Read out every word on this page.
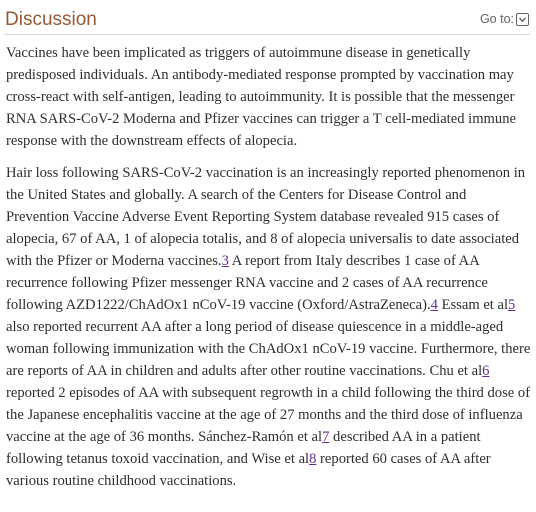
Discussion	Go to:

Vaccines have been implicated as triggers of autoimmune disease in genetically predisposed individuals. An antibody-mediated response prompted by vaccination may cross-react with self-antigen, leading to autoimmunity. It is possible that the messenger RNA SARS-CoV-2 Moderna and Pfizer vaccines can trigger a T cell-mediated immune response with the downstream effects of alopecia.

Hair loss following SARS-CoV-2 vaccination is an increasingly reported phenomenon in the United States and globally. A search of the Centers for Disease Control and Prevention Vaccine Adverse Event Reporting System database revealed 915 cases of alopecia, 67 of AA, 1 of alopecia totalis, and 8 of alopecia universalis to date associated with the Pfizer or Moderna vaccines.3 A report from Italy describes 1 case of AA recurrence following Pfizer messenger RNA vaccine and 2 cases of AA recurrence following AZD1222/ChAdOx1 nCoV-19 vaccine (Oxford/AstraZeneca).4 Essam et al5 also reported recurrent AA after a long period of disease quiescence in a middle-aged woman following immunization with the ChAdOx1 nCoV-19 vaccine. Furthermore, there are reports of AA in children and adults after other routine vaccinations. Chu et al6 reported 2 episodes of AA with subsequent regrowth in a child following the third dose of the Japanese encephalitis vaccine at the age of 27 months and the third dose of influenza vaccine at the age of 36 months. Sánchez-Ramón et al7 described AA in a patient following tetanus toxoid vaccination, and Wise et al8 reported 60 cases of AA after various routine childhood vaccinations.
